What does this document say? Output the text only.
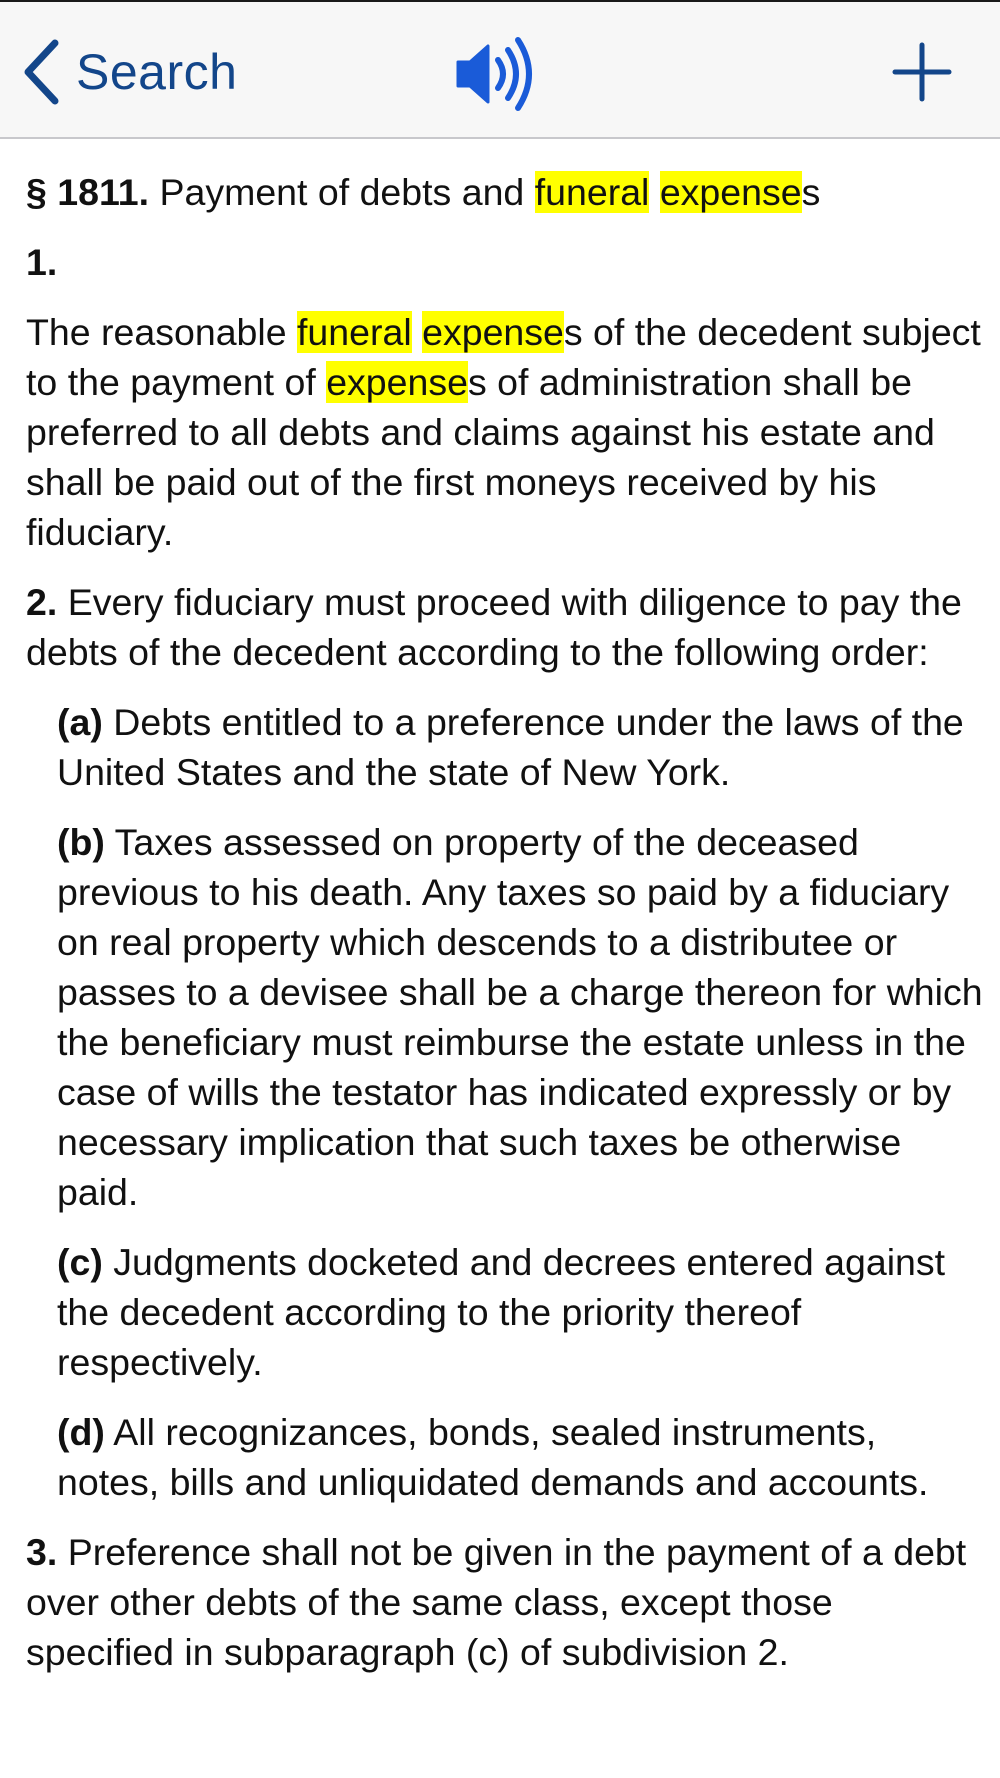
Search

§ 1811. Payment of debts and funeral expenses

1.

The reasonable funeral expenses of the decedent subject to the payment of expenses of administration shall be preferred to all debts and claims against his estate and shall be paid out of the first moneys received by his fiduciary.

2. Every fiduciary must proceed with diligence to pay the debts of the decedent according to the following order:

(a) Debts entitled to a preference under the laws of the United States and the state of New York.

(b) Taxes assessed on property of the deceased previous to his death. Any taxes so paid by a fiduciary on real property which descends to a distributee or passes to a devisee shall be a charge thereon for which the beneficiary must reimburse the estate unless in the case of wills the testator has indicated expressly or by necessary implication that such taxes be otherwise paid.

(c) Judgments docketed and decrees entered against the decedent according to the priority thereof respectively.

(d) All recognizances, bonds, sealed instruments, notes, bills and unliquidated demands and accounts.

3. Preference shall not be given in the payment of a debt over other debts of the same class, except those specified in subparagraph (c) of subdivision 2.
